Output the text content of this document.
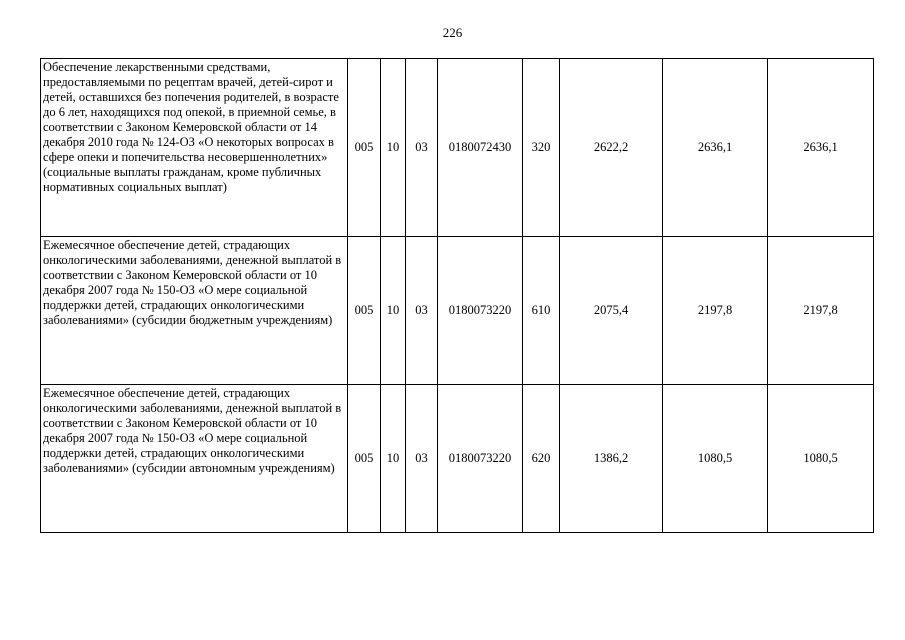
226
Обеспечение лекарственными средствами, предоставляемыми по рецептам врачей, детей-сирот и детей, оставшихся без попечения родителей, в возрасте до 6 лет, находящихся под опекой, в приемной семье, в соответствии с Законом Кемеровской области от 14 декабря 2010 года № 124-ОЗ «О некоторых вопросах в сфере опеки и попечительства несовершеннолетних» (социальные выплаты гражданам, кроме публичных нормативных социальных выплат)	005	10	03	0180072430	320	2622,2	2636,1	2636,1
Ежемесячное обеспечение детей, страдающих онкологическими заболеваниями, денежной выплатой в соответствии с Законом Кемеровской области от 10 декабря 2007 года № 150-ОЗ «О мере социальной поддержки детей, страдающих онкологическими заболеваниями» (субсидии бюджетным учреждениям)	005	10	03	0180073220	610	2075,4	2197,8	2197,8
Ежемесячное обеспечение детей, страдающих онкологическими заболеваниями, денежной выплатой в соответствии с Законом Кемеровской области от 10 декабря 2007 года № 150-ОЗ «О мере социальной поддержки детей, страдающих онкологическими заболеваниями» (субсидии автономным учреждениям)	005	10	03	0180073220	620	1386,2	1080,5	1080,5
